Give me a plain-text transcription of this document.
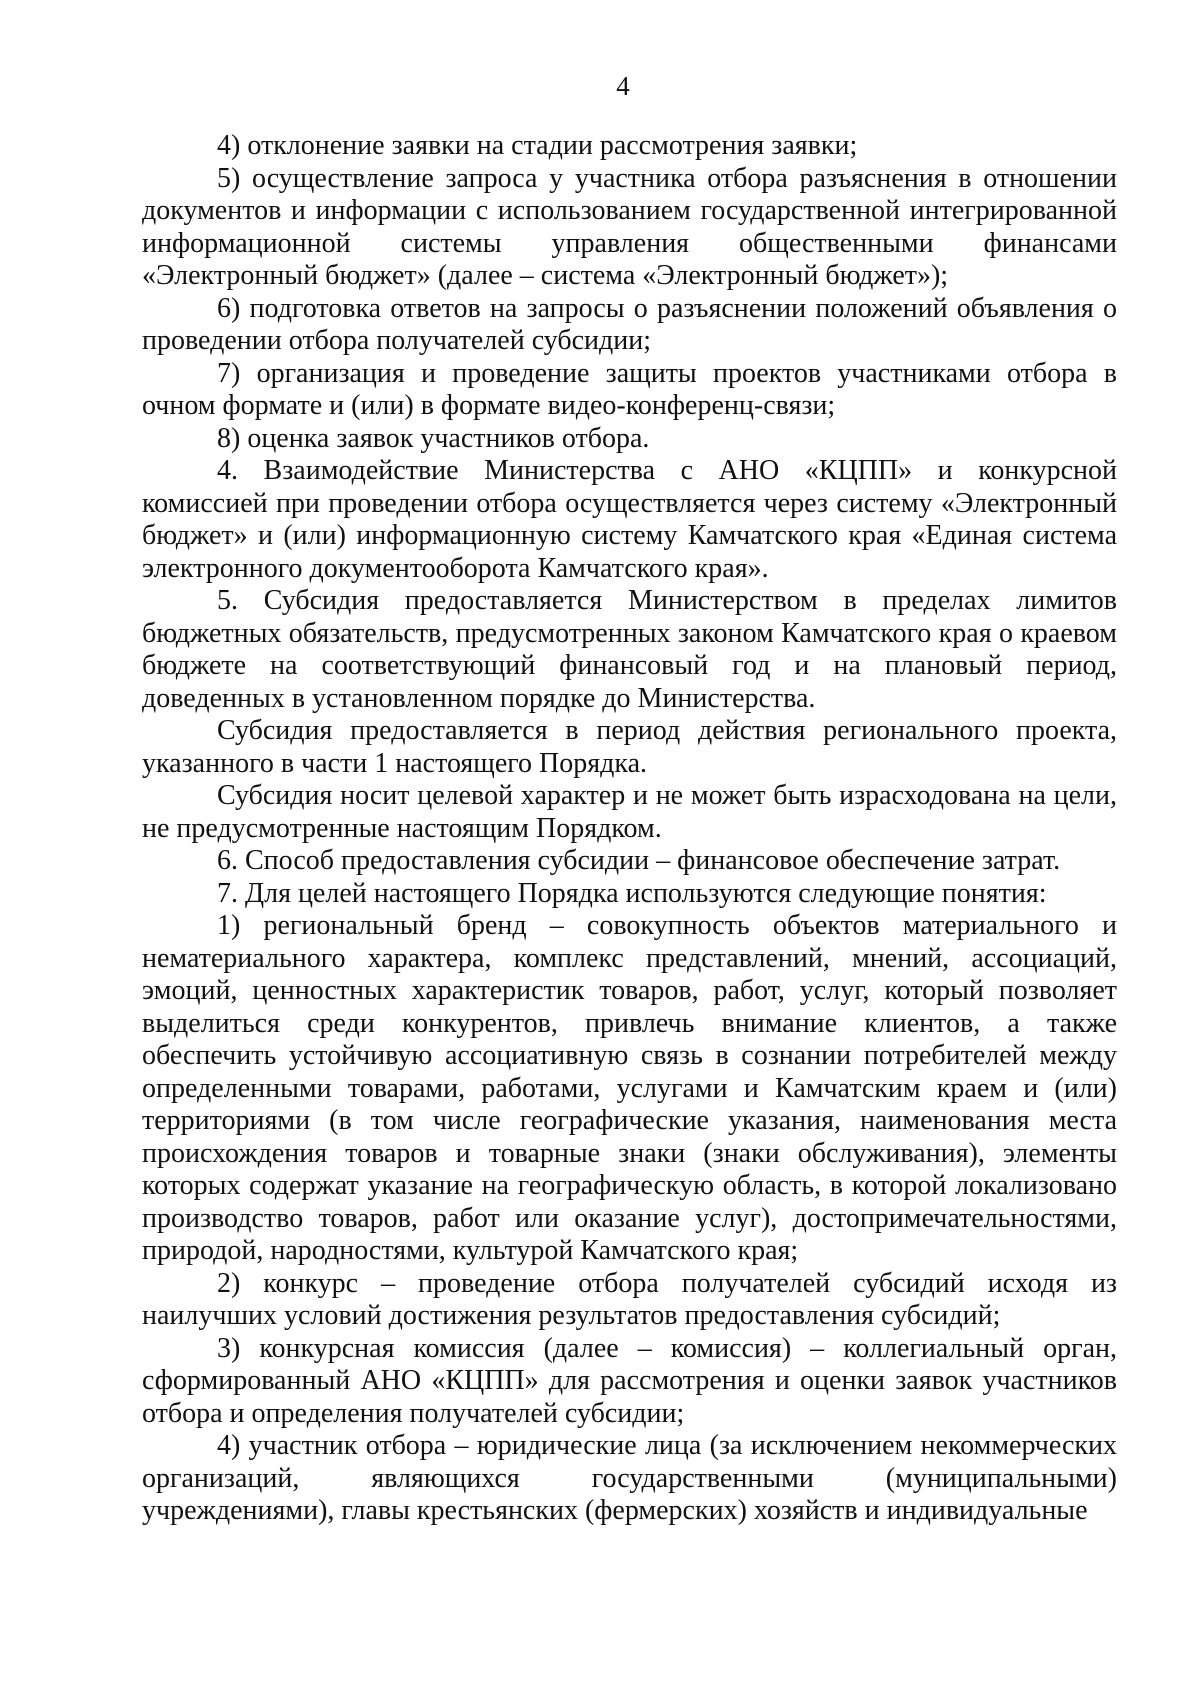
4

4) отклонение заявки на стадии рассмотрения заявки;

5) осуществление запроса у участника отбора разъяснения в отношении документов и информации с использованием государственной интегрированной информационной системы управления общественными финансами «Электронный бюджет» (далее – система «Электронный бюджет»);

6) подготовка ответов на запросы о разъяснении положений объявления о проведении отбора получателей субсидии;

7) организация и проведение защиты проектов участниками отбора в очном формате и (или) в формате видео-конференц-связи;

8) оценка заявок участников отбора.

4. Взаимодействие Министерства с АНО «КЦПП» и конкурсной комиссией при проведении отбора осуществляется через систему «Электронный бюджет» и (или) информационную систему Камчатского края «Единая система электронного документооборота Камчатского края».

5. Субсидия предоставляется Министерством в пределах лимитов бюджетных обязательств, предусмотренных законом Камчатского края о краевом бюджете на соответствующий финансовый год и на плановый период, доведенных в установленном порядке до Министерства.

Субсидия предоставляется в период действия регионального проекта, указанного в части 1 настоящего Порядка.

Субсидия носит целевой характер и не может быть израсходована на цели, не предусмотренные настоящим Порядком.

6. Способ предоставления субсидии – финансовое обеспечение затрат.

7. Для целей настоящего Порядка используются следующие понятия:

1) региональный бренд – совокупность объектов материального и нематериального характера, комплекс представлений, мнений, ассоциаций, эмоций, ценностных характеристик товаров, работ, услуг, который позволяет выделиться среди конкурентов, привлечь внимание клиентов, а также обеспечить устойчивую ассоциативную связь в сознании потребителей между определенными товарами, работами, услугами и Камчатским краем и (или) территориями (в том числе географические указания, наименования места происхождения товаров и товарные знаки (знаки обслуживания), элементы которых содержат указание на географическую область, в которой локализовано производство товаров, работ или оказание услуг), достопримечательностями, природой, народностями, культурой Камчатского края;

2) конкурс – проведение отбора получателей субсидий исходя из наилучших условий достижения результатов предоставления субсидий;

3) конкурсная комиссия (далее – комиссия) – коллегиальный орган, сформированный АНО «КЦПП» для рассмотрения и оценки заявок участников отбора и определения получателей субсидии;

4) участник отбора – юридические лица (за исключением некоммерческих организаций, являющихся государственными (муниципальными) учреждениями), главы крестьянских (фермерских) хозяйств и индивидуальные
